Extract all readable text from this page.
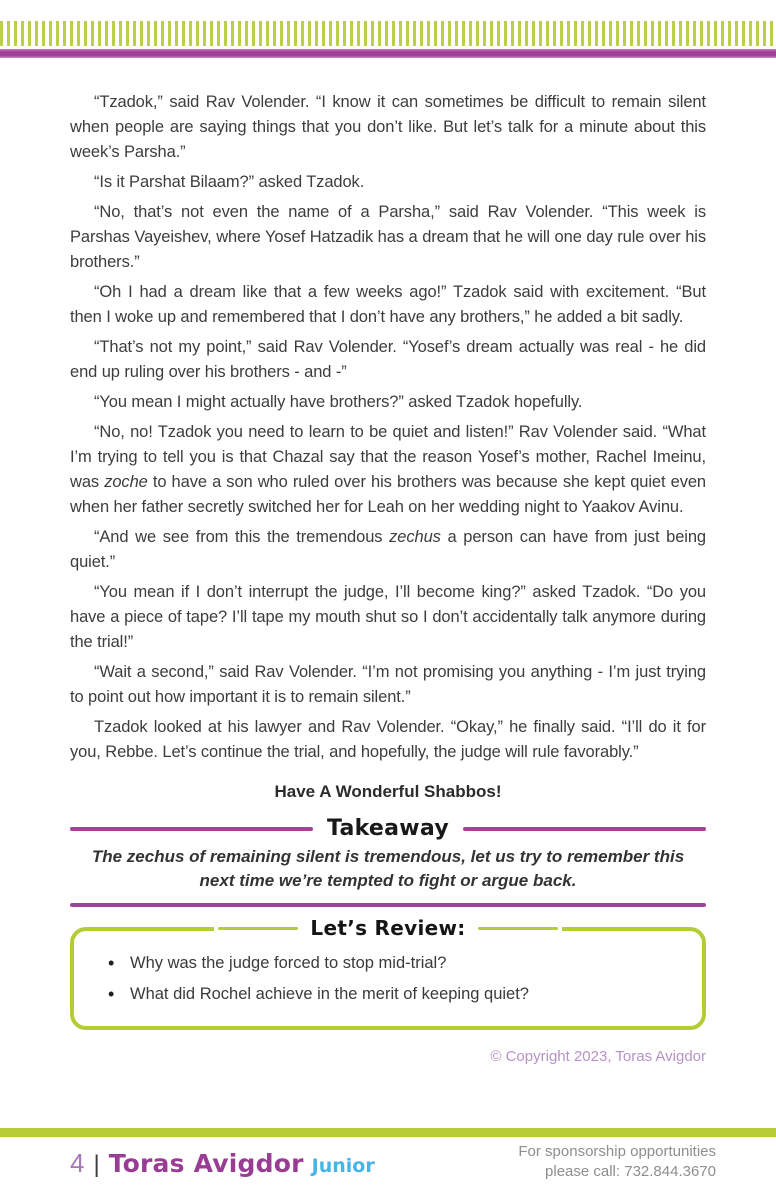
“Tzadok,” said Rav Volender. “I know it can sometimes be difficult to remain silent when people are saying things that you don’t like. But let’s talk for a minute about this week’s Parsha.”

“Is it Parshat Bilaam?” asked Tzadok.

“No, that’s not even the name of a Parsha,” said Rav Volender. “This week is Parshas Vayeishev, where Yosef Hatzadik has a dream that he will one day rule over his brothers.”

“Oh I had a dream like that a few weeks ago!” Tzadok said with excitement. “But then I woke up and remembered that I don’t have any brothers,” he added a bit sadly.

“That’s not my point,” said Rav Volender. “Yosef’s dream actually was real - he did end up ruling over his brothers - and -”

“You mean I might actually have brothers?” asked Tzadok hopefully.

“No, no! Tzadok you need to learn to be quiet and listen!” Rav Volender said. “What I’m trying to tell you is that Chazal say that the reason Yosef’s mother, Rachel Imeinu, was zoche to have a son who ruled over his brothers was because she kept quiet even when her father secretly switched her for Leah on her wedding night to Yaakov Avinu.

“And we see from this the tremendous zechus a person can have from just being quiet.”

“You mean if I don’t interrupt the judge, I’ll become king?” asked Tzadok. “Do you have a piece of tape? I’ll tape my mouth shut so I don’t accidentally talk anymore during the trial!”

“Wait a second,” said Rav Volender. “I’m not promising you anything - I’m just trying to point out how important it is to remain silent.”

Tzadok looked at his lawyer and Rav Volender. “Okay,” he finally said. “I’ll do it for you, Rebbe. Let’s continue the trial, and hopefully, the judge will rule favorably.”

Have A Wonderful Shabbos!
Takeaway
The zechus of remaining silent is tremendous, let us try to remember this next time we’re tempted to fight or argue back.
Let’s Review:
• Why was the judge forced to stop mid-trial?
• What did Rochel achieve in the merit of keeping quiet?
© Copyright 2023, Toras Avigdor
4 | Toras Avigdor Junior
For sponsorship opportunities
please call: 732.844.3670
